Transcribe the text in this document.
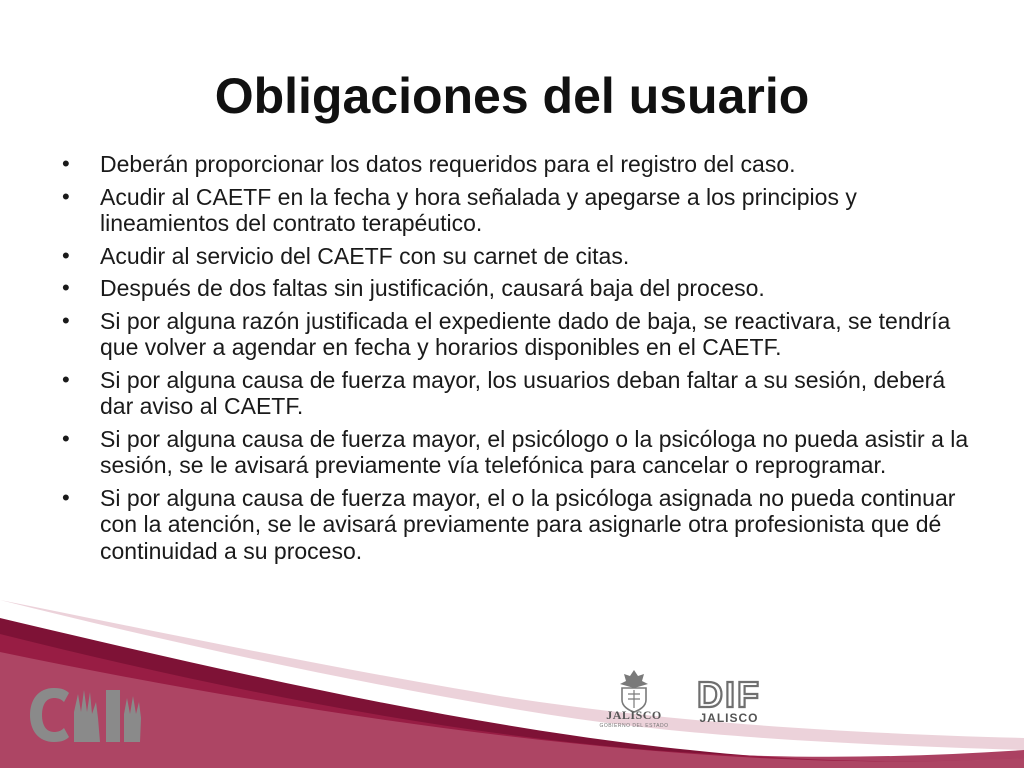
Obligaciones del usuario
• Deberán proporcionar los datos requeridos para el registro del caso.
• Acudir al CAETF en la fecha y hora señalada y apegarse a los principios y lineamientos del contrato terapéutico.
• Acudir al servicio del CAETF con su carnet de citas.
• Después de dos faltas sin justificación, causará baja del proceso.
• Si por alguna razón justificada el expediente dado de baja, se reactivara, se tendría que volver a agendar en fecha y horarios disponibles en el CAETF.
• Si por alguna causa de fuerza mayor, los usuarios deban faltar a su sesión, deberá dar aviso al CAETF.
• Si por alguna causa de fuerza mayor, el psicólogo o la psicóloga no pueda asistir a la sesión, se le avisará previamente vía telefónica para cancelar o reprogramar.
• Si por alguna causa de fuerza mayor, el o la psicóloga asignada no pueda continuar con la atención, se le avisará previamente para asignarle otra profesionista que dé continuidad a su proceso.
JALISCO
GOBIERNO DEL ESTADO
DIF
JALISCO
